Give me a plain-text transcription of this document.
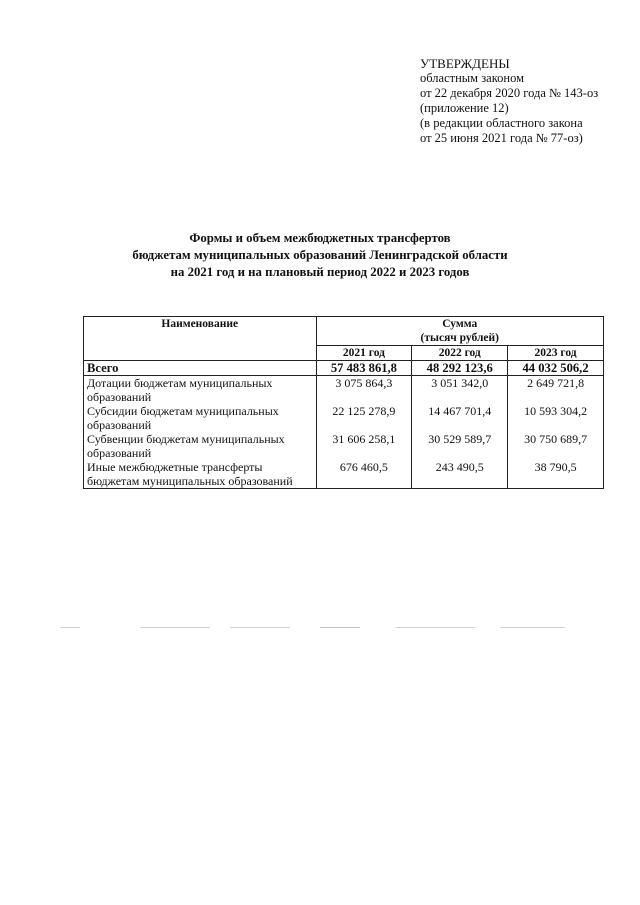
УТВЕРЖДЕНЫ
областным законом
от 22 декабря 2020 года № 143-оз
(приложение 12)
(в редакции областного закона
от 25 июня 2021 года № 77-оз)
Формы и объем межбюджетных трансфертов
бюджетам муниципальных образований Ленинградской области
на 2021 год и на плановый период 2022 и 2023 годов
Наименование	Сумма
(тысяч рублей)		

	2021 год	2022 год	2023 год
Всего	57 483 861,8	48 292 123,6	44 032 506,2

Дотации бюджетам муниципальных
образований	3 075 864,3	3 051 342,0	2 649 721,8

Субсидии бюджетам муниципальных
образований	22 125 278,9	14 467 701,4	10 593 304,2

Субвенции бюджетам муниципальных
образований	31 606 258,1	30 529 589,7	30 750 689,7

Иные межбюджетные трансферты
бюджетам муниципальных образований	676 460,5	243 490,5	38 790,5
